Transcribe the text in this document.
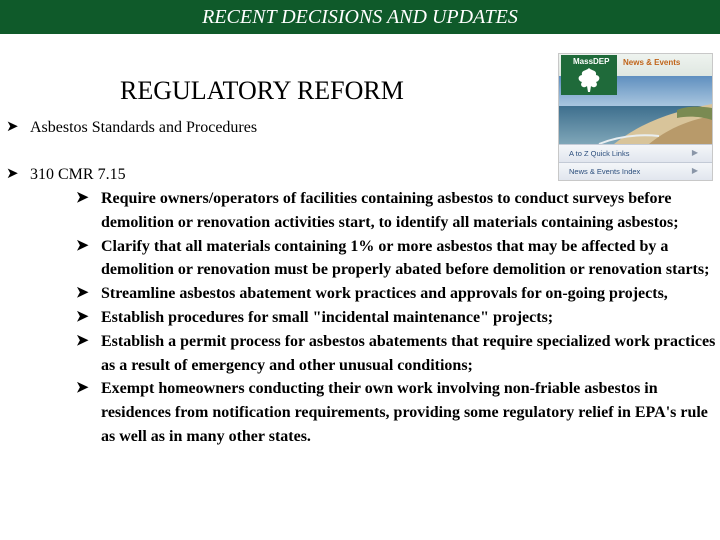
RECENT DECISIONS AND UPDATES
REGULATORY REFORM
➤ Asbestos Standards and Procedures
➤ 310 CMR 7.15
➤ Require owners/operators of facilities containing asbestos to conduct surveys before demolition or renovation activities start, to identify all materials containing asbestos;
➤ Clarify that all materials containing 1% or more asbestos that may be affected by a demolition or renovation must be properly abated before demolition or renovation starts;
➤ Streamline asbestos abatement work practices and approvals for on-going projects,
➤ Establish procedures for small "incidental maintenance" projects;
➤ Establish a permit process for asbestos abatements that require specialized work practices as a result of emergency and other unusual conditions;
➤ Exempt homeowners conducting their own work involving non-friable asbestos in residences from notification requirements, providing some regulatory relief in EPA's rule as well as in many other states.
MassDEP News & Events
A to Z Quick Links	▶
News & Events Index	▶
